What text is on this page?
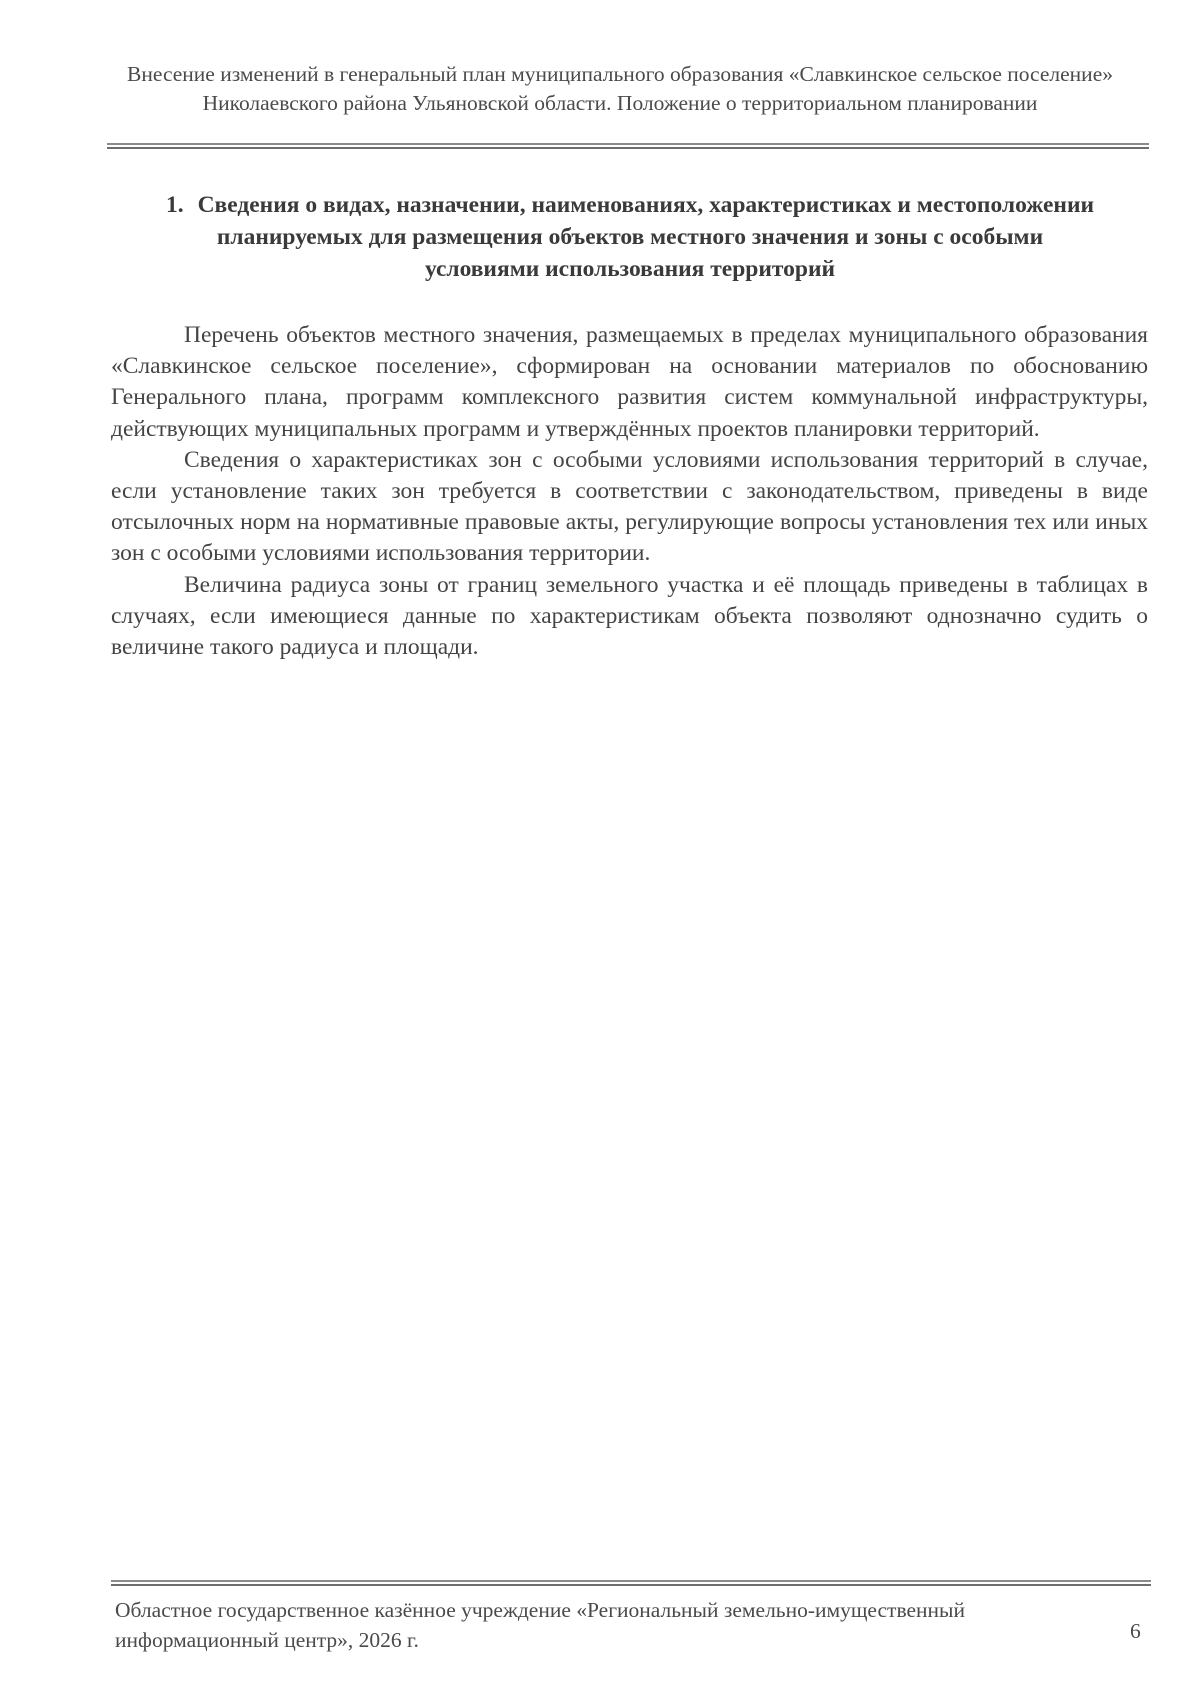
Внесение изменений в генеральный план муниципального образования «Славкинское сельское поселение» Николаевского района Ульяновской области. Положение о территориальном планировании
1. Сведения о видах, назначении, наименованиях, характеристиках и местоположении планируемых для размещения объектов местного значения и зоны с особыми условиями использования территорий

Перечень объектов местного значения, размещаемых в пределах муниципального образования «Славкинское сельское поселение», сформирован на основании материалов по обоснованию Генерального плана, программ комплексного развития систем коммунальной инфраструктуры, действующих муниципальных программ и утверждённых проектов планировки территорий.

Сведения о характеристиках зон с особыми условиями использования территорий в случае, если установление таких зон требуется в соответствии с законодательством, приведены в виде отсылочных норм на нормативные правовые акты, регулирующие вопросы установления тех или иных зон с особыми условиями использования территории.

Величина радиуса зоны от границ земельного участка и её площадь приведены в таблицах в случаях, если имеющиеся данные по характеристикам объекта позволяют однозначно судить о величине такого радиуса и площади.

Областное государственное казённое учреждение «Региональный земельно-имущественный информационный центр», 2026 г.	6
